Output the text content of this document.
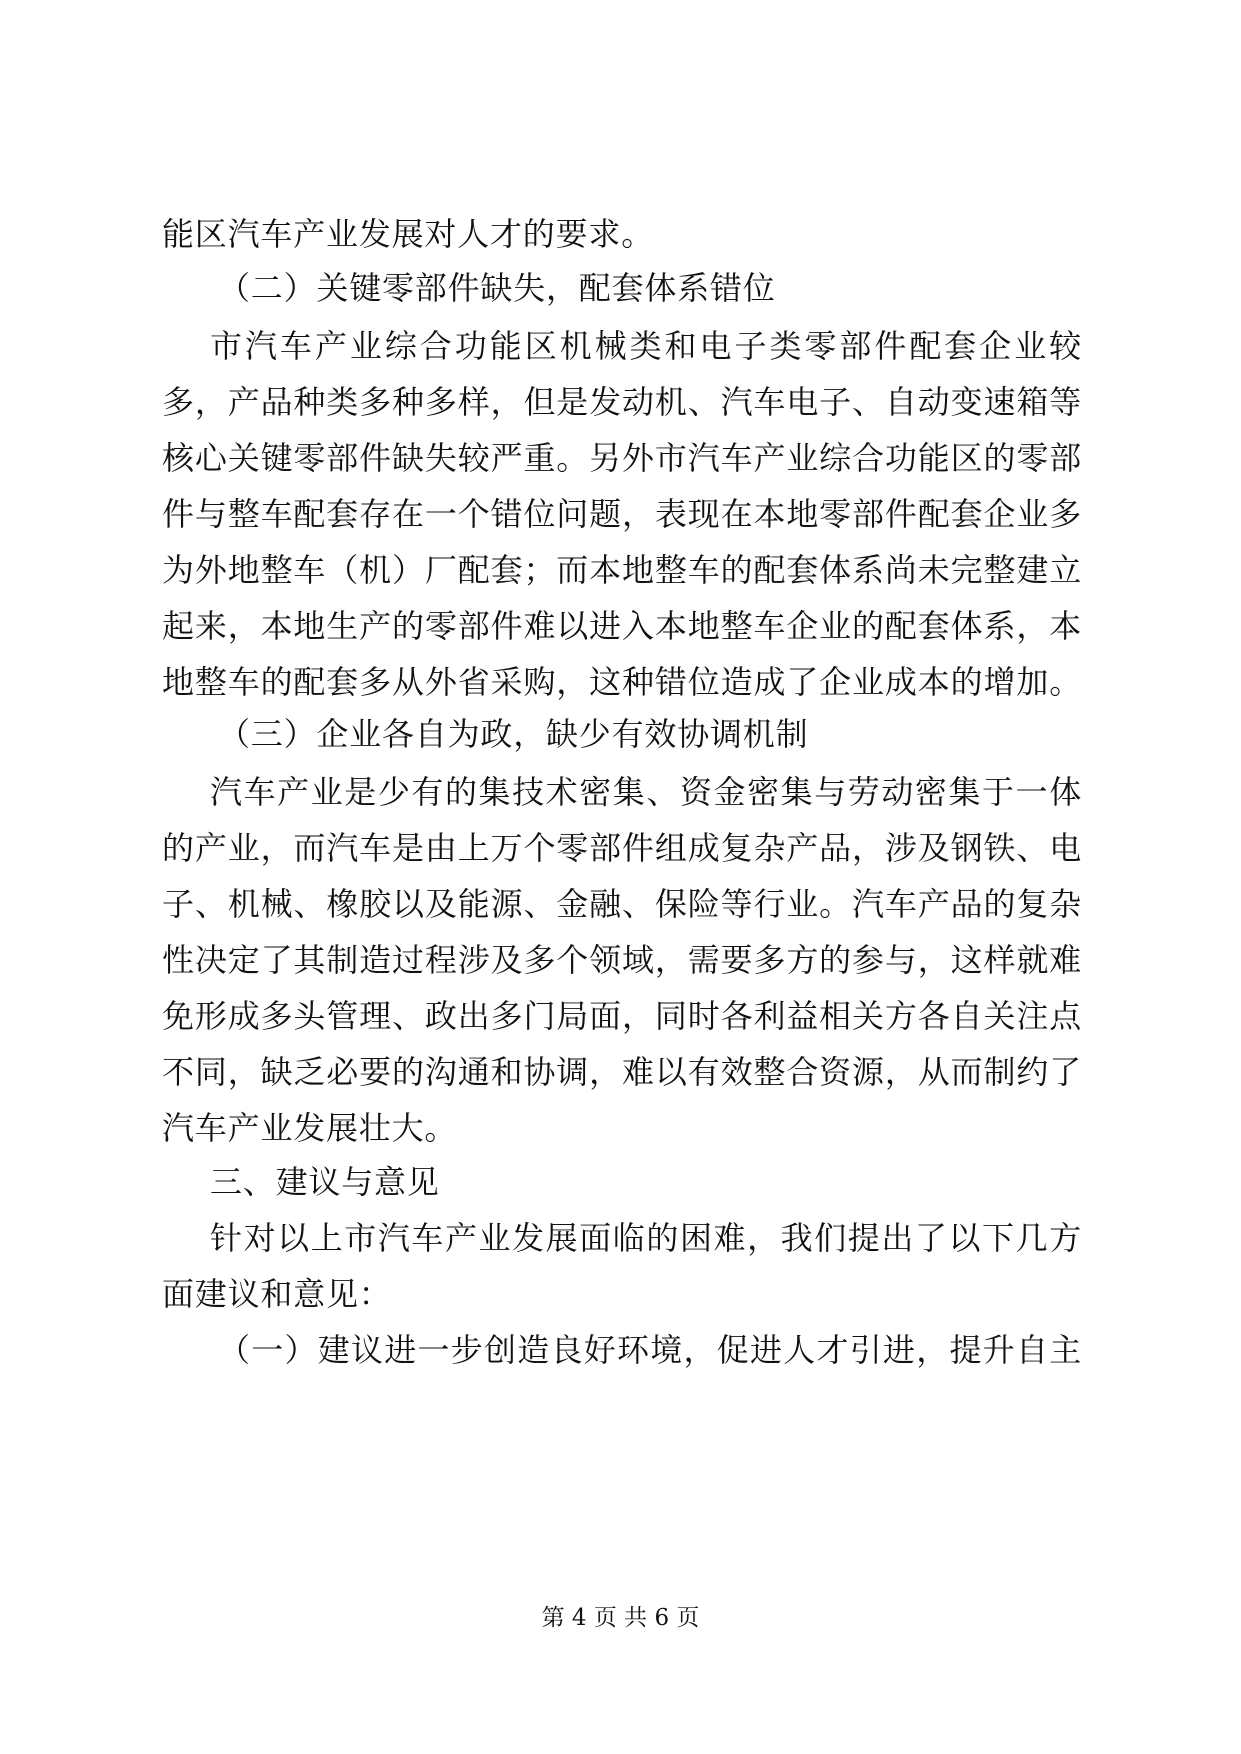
能区汽车产业发展对人才的要求。
（二）关键零部件缺失，配套体系错位
市汽车产业综合功能区机械类和电子类零部件配套企业较
多，产品种类多种多样，但是发动机、汽车电子、自动变速箱等
核心关键零部件缺失较严重。另外市汽车产业综合功能区的零部
件与整车配套存在一个错位问题，表现在本地零部件配套企业多
为外地整车（机）厂配套；而本地整车的配套体系尚未完整建立
起来，本地生产的零部件难以进入本地整车企业的配套体系，本
地整车的配套多从外省采购，这种错位造成了企业成本的增加。
（三）企业各自为政，缺少有效协调机制
汽车产业是少有的集技术密集、资金密集与劳动密集于一体
的产业，而汽车是由上万个零部件组成复杂产品，涉及钢铁、电
子、机械、橡胶以及能源、金融、保险等行业。汽车产品的复杂
性决定了其制造过程涉及多个领域，需要多方的参与，这样就难
免形成多头管理、政出多门局面，同时各利益相关方各自关注点
不同，缺乏必要的沟通和协调，难以有效整合资源，从而制约了
汽车产业发展壮大。
三、建议与意见
针对以上市汽车产业发展面临的困难，我们提出了以下几方
面建议和意见：
（一）建议进一步创造良好环境，促进人才引进，提升自主
第 4 页 共 6 页
